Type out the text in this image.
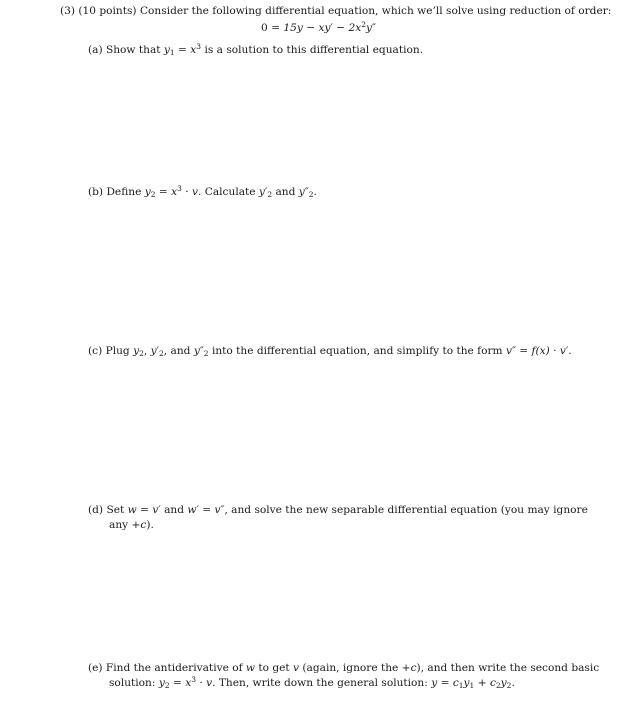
(3) (10 points) Consider the following differential equation, which we’ll solve using reduction of order:
$0 = 15y - xy' - 2x^2y''$
(a) Show that $y_1 = x^3$ is a solution to this differential equation.
(b) Define $y_2 = x^3 \cdot v$. Calculate $y'_2$ and $y''_2$.
(c) Plug $y_2$, $y'_2$, and $y''_2$ into the differential equation, and simplify to the form v″ = f(x) · v′.
(d) Set w = v′ and w′ = v″, and solve the new separable differential equation (you may ignore
any +c).
(e) Find the antiderivative of w to get v (again, ignore the +c), and then write the second basic
solution: $y_2 = x^3 \cdot v$. Then, write down the general solution: $y = c_1y_1 + c_2y_2$.
